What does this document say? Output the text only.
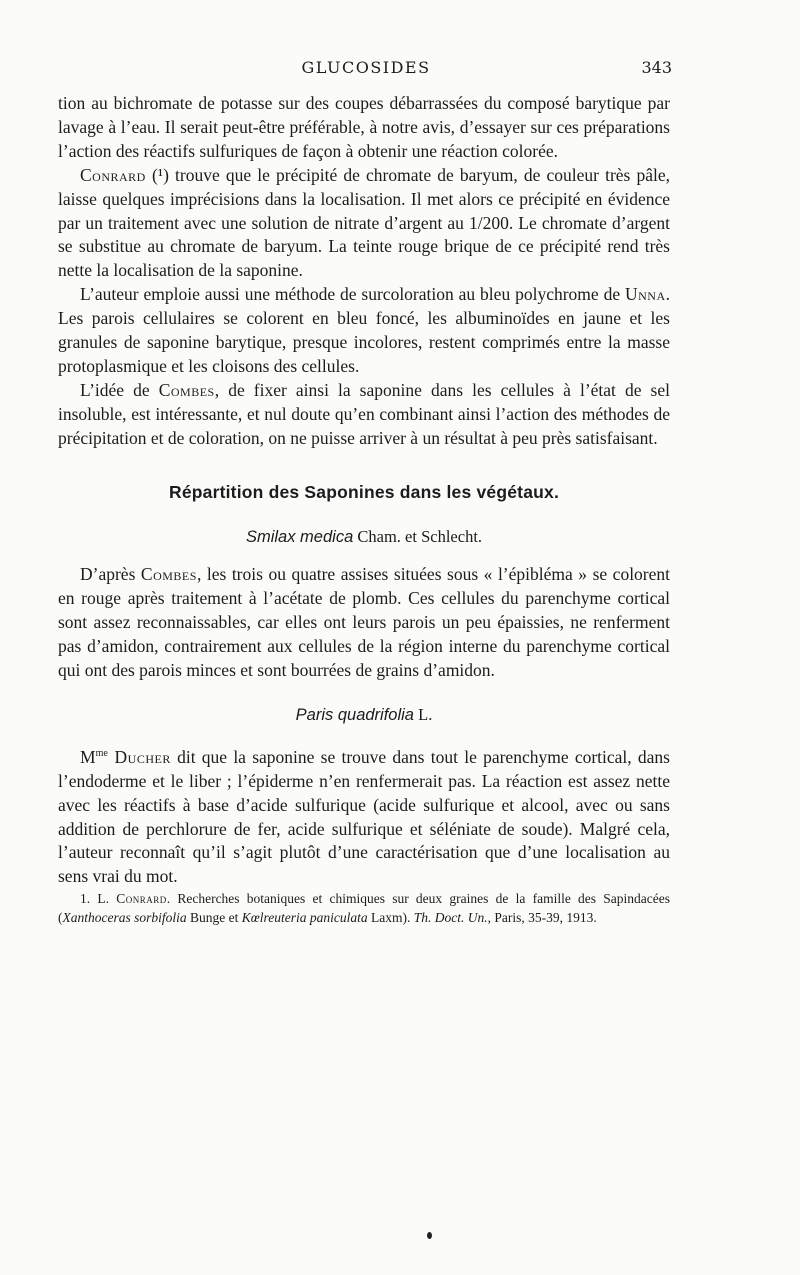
GLUCOSIDES	343

tion au bichromate de potasse sur des coupes débarrassées du composé barytique par lavage à l’eau. Il serait peut-être préférable, à notre avis, d’essayer sur ces préparations l’action des réactifs sulfuriques de façon à obtenir une réaction colorée.

Conrard (¹) trouve que le précipité de chromate de baryum, de couleur très pâle, laisse quelques imprécisions dans la localisation. Il met alors ce précipité en évidence par un traitement avec une solution de nitrate d’argent au 1/200. Le chromate d’argent se substitue au chromate de baryum. La teinte rouge brique de ce précipité rend très nette la localisation de la saponine.

L’auteur emploie aussi une méthode de surcoloration au bleu polychrome de Unna. Les parois cellulaires se colorent en bleu foncé, les albuminoïdes en jaune et les granules de saponine barytique, presque incolores, restent comprimés entre la masse protoplasmique et les cloisons des cellules.

L’idée de Combes, de fixer ainsi la saponine dans les cellules à l’état de sel insoluble, est intéressante, et nul doute qu’en combinant ainsi l’action des méthodes de précipitation et de coloration, on ne puisse arriver à un résultat à peu près satisfaisant.

Répartition des Saponines dans les végétaux.
Smilax medica Cham. et Schlecht.

D’après Combes, les trois ou quatre assises situées sous « l’épibléma » se colorent en rouge après traitement à l’acétate de plomb. Ces cellules du parenchyme cortical sont assez reconnaissables, car elles ont leurs parois un peu épaissies, ne renferment pas d’amidon, contrairement aux cellules de la région interne du parenchyme cortical qui ont des parois minces et sont bourrées de grains d’amidon.

Paris quadrifolia L.

$M^{me}$ Ducher dit que la saponine se trouve dans tout le parenchyme cortical, dans l’endoderme et le liber ; l’épiderme n’en renfermerait pas. La réaction est assez nette avec les réactifs à base d’acide sulfurique (acide sulfurique et alcool, avec ou sans addition de perchlorure de fer, acide sulfurique et séléniate de soude). Malgré cela, l’auteur reconnaît qu’il s’agit plutôt d’une caractérisation que d’une localisation au sens vrai du mot.

1. L. Conrard. Recherches botaniques et chimiques sur deux graines de la famille des Sapindacées (Xanthoceras sorbifolia Bunge et Kœlreuteria paniculata Laxm). Th. Doct. Un., Paris, 35-39, 1913.
